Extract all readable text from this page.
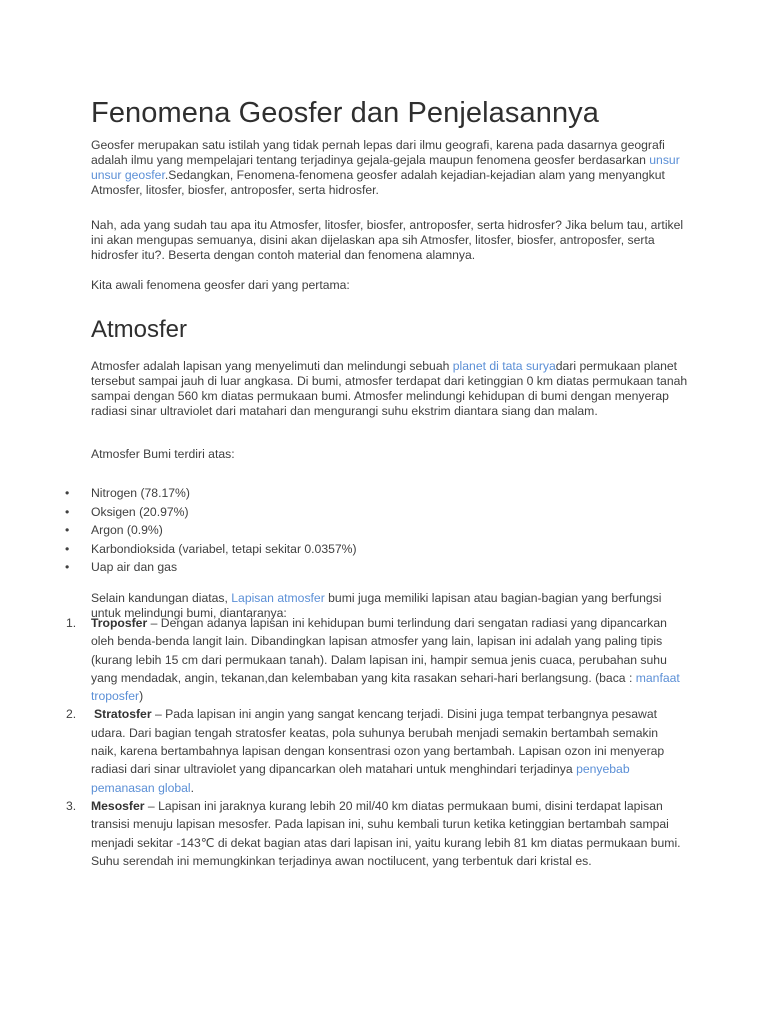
Fenomena Geosfer dan Penjelasannya

Geosfer merupakan satu istilah yang tidak pernah lepas dari ilmu geografi, karena pada dasarnya geografi adalah ilmu yang mempelajari tentang terjadinya gejala-gejala maupun fenomena geosfer berdasarkan unsur unsur geosfer.Sedangkan, Fenomena-fenomena geosfer adalah kejadian-kejadian alam yang menyangkut Atmosfer, litosfer, biosfer, antroposfer, serta hidrosfer.

Nah, ada yang sudah tau apa itu Atmosfer, litosfer, biosfer, antroposfer, serta hidrosfer? Jika belum tau, artikel ini akan mengupas semuanya, disini akan dijelaskan apa sih Atmosfer, litosfer, biosfer, antroposfer, serta hidrosfer itu?. Beserta dengan contoh material dan fenomena alamnya.

Kita awali fenomena geosfer dari yang pertama:

Atmosfer

Atmosfer adalah lapisan yang menyelimuti dan melindungi sebuah planet di tata suryadari permukaan planet tersebut sampai jauh di luar angkasa. Di bumi, atmosfer terdapat dari ketinggian 0 km diatas permukaan tanah sampai dengan 560 km diatas permukaan bumi. Atmosfer melindungi kehidupan di bumi dengan menyerap radiasi sinar ultraviolet dari matahari dan mengurangi suhu ekstrim diantara siang dan malam.

Atmosfer Bumi terdiri atas:

• Nitrogen (78.17%)
• Oksigen (20.97%)
• Argon (0.9%)
• Karbondioksida (variabel, tetapi sekitar 0.0357%)
• Uap air dan gas

Selain kandungan diatas, Lapisan atmosfer bumi juga memiliki lapisan atau bagian-bagian yang berfungsi untuk melindungi bumi, diantaranya:

1. Troposfer – Dengan adanya lapisan ini kehidupan bumi terlindung dari sengatan radiasi yang dipancarkan oleh benda-benda langit lain. Dibandingkan lapisan atmosfer yang lain, lapisan ini adalah yang paling tipis (kurang lebih 15 cm dari permukaan tanah). Dalam lapisan ini, hampir semua jenis cuaca, perubahan suhu yang mendadak, angin, tekanan,dan kelembaban yang kita rasakan sehari-hari berlangsung. (baca : manfaat troposfer)
2. Stratosfer – Pada lapisan ini angin yang sangat kencang terjadi. Disini juga tempat terbangnya pesawat udara. Dari bagian tengah stratosfer keatas, pola suhunya berubah menjadi semakin bertambah semakin naik, karena bertambahnya lapisan dengan konsentrasi ozon yang bertambah. Lapisan ozon ini menyerap radiasi dari sinar ultraviolet yang dipancarkan oleh matahari untuk menghindari terjadinya penyebab pemanasan global.
3. Mesosfer – Lapisan ini jaraknya kurang lebih 20 mil/40 km diatas permukaan bumi, disini terdapat lapisan transisi menuju lapisan mesosfer. Pada lapisan ini, suhu kembali turun ketika ketinggian bertambah sampai menjadi sekitar -143℃ di dekat bagian atas dari lapisan ini, yaitu kurang lebih 81 km diatas permukaan bumi. Suhu serendah ini memungkinkan terjadinya awan noctilucent, yang terbentuk dari kristal es.
